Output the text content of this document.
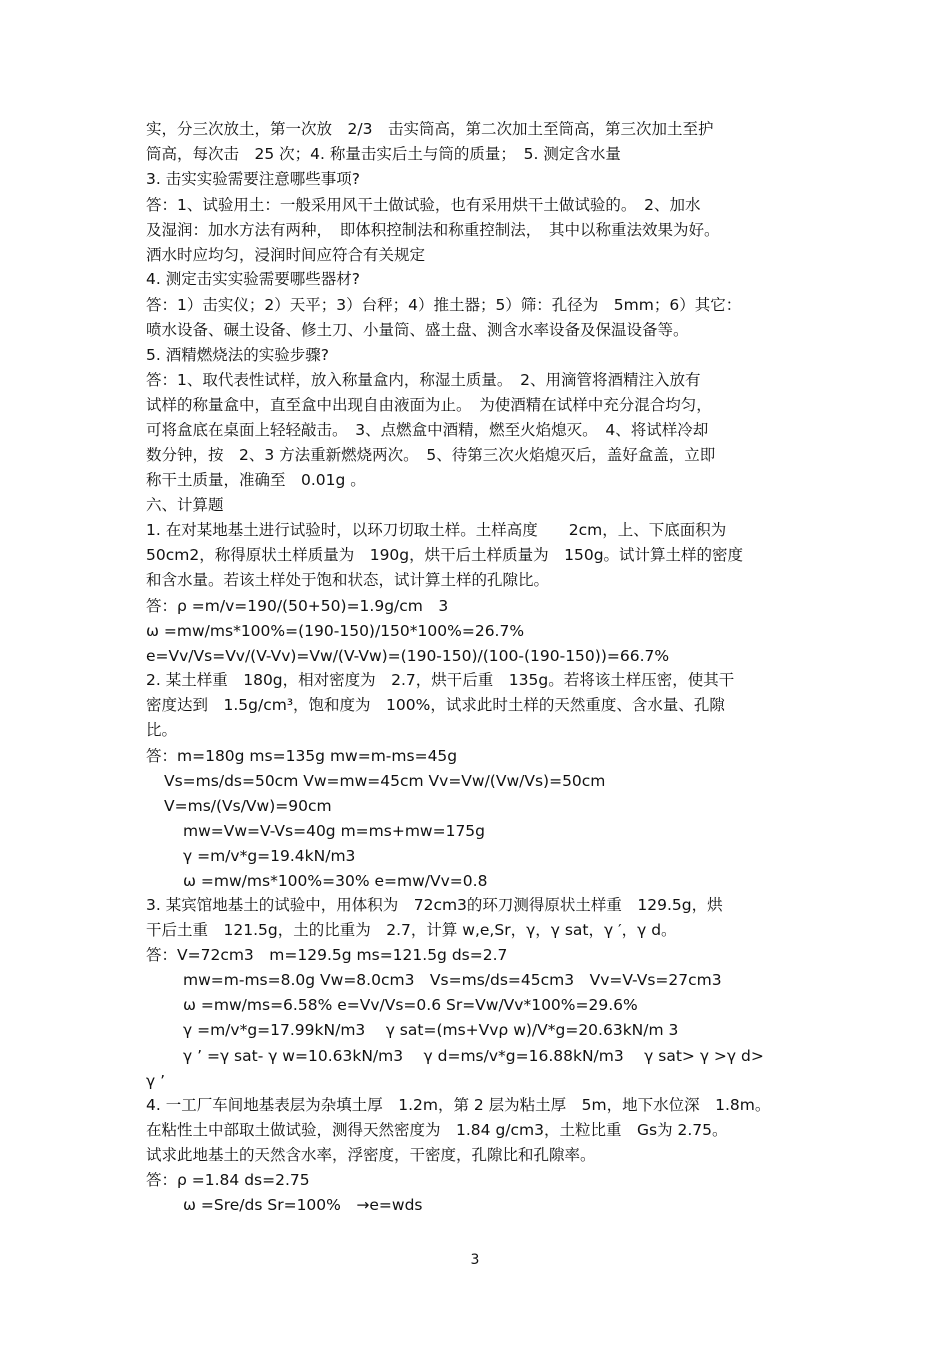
实，分三次放土，第一次放　2/3　击实筒高，第二次加土至筒高，第三次加土至护
筒高，每次击　25 次；4. 称量击实后土与筒的质量；　5. 测定含水量
3. 击实实验需要注意哪些事项?
答：1、试验用土：一般采用风干土做试验，也有采用烘干土做试验的。　2、加水
及湿润：加水方法有两种，　即体积控制法和称重控制法，　其中以称重法效果为好。
洒水时应均匀，浸润时间应符合有关规定
4. 测定击实实验需要哪些器材?
答：1）击实仪；2）天平；3）台秤；4）推土器；5）筛：孔径为　5mm；6）其它：
喷水设备、碾土设备、修土刀、小量筒、盛土盘、测含水率设备及保温设备等。
5. 酒精燃烧法的实验步骤?
答：1、取代表性试样，放入称量盒内，称湿土质量。　2、用滴管将酒精注入放有
试样的称量盒中，直至盒中出现自由液面为止。　为使酒精在试样中充分混合均匀，
可将盒底在桌面上轻轻敲击。　3、点燃盒中酒精，燃至火焰熄灭。　4、将试样冷却
数分钟，按　2、3 方法重新燃烧两次。　5、待第三次火焰熄灭后，盖好盒盖，立即
称干土质量，准确至　0.01g 。
六、计算题
1. 在对某地基土进行试验时，以环刀切取土样。土样高度　　2cm，上、下底面积为
50cm2，称得原状土样质量为　190g，烘干后土样质量为　150g。试计算土样的密度
和含水量。若该土样处于饱和状态，试计算土样的孔隙比。
答：ρ =m/v=190/(50+50)=1.9g/cm　3
ω =mw/ms*100%=(190-150)/150*100%=26.7%
e=Vv/Vs=Vv/(V-Vv)=Vw/(V-Vw)=(190-150)/(100-(190-150))=66.7%
2. 某土样重　180g，相对密度为　2.7，烘干后重　135g。若将该土样压密，使其干
密度达到　1.5g/cm³，饱和度为　100%，试求此时土样的天然重度、含水量、孔隙
比。
答：m=180g ms=135g mw=m-ms=45g
Vs=ms/ds=50cm Vw=mw=45cm Vv=Vw/(Vw/Vs)=50cm
V=ms/(Vs/Vw)=90cm
mw=Vw=V-Vs=40g m=ms+mw=175g
γ =m/v*g=19.4kN/m3
ω =mw/ms*100%=30% e=mw/Vv=0.8
3. 某宾馆地基土的试验中，用体积为　72cm3的环刀测得原状土样重　129.5g，烘
干后土重　121.5g，土的比重为　2.7，计算 w,e,Sr，γ，γ sat，γ ′，γ d。
答：V=72cm3　m=129.5g ms=121.5g ds=2.7
mw=m-ms=8.0g Vw=8.0cm3　Vs=ms/ds=45cm3　Vv=V-Vs=27cm3
ω =mw/ms=6.58% e=Vv/Vs=0.6 Sr=Vw/Vv*100%=29.6%
γ =m/v*g=17.99kN/m3　 γ sat=(ms+Vvρ w)/V*g=20.63kN/m 3
γ ’ =γ sat- γ w=10.63kN/m3　 γ d=ms/v*g=16.88kN/m3　 γ sat> γ >γ d>
γ ’
4. 一工厂车间地基表层为杂填土厚　1.2m，第 2 层为粘土厚　5m，地下水位深　1.8m。
在粘性土中部取土做试验，测得天然密度为　1.84 g/cm3，土粒比重　Gs为 2.75。
试求此地基土的天然含水率，浮密度，干密度，孔隙比和孔隙率。
答：ρ =1.84 ds=2.75
ω =Sre/ds Sr=100%　→e=wds
3
